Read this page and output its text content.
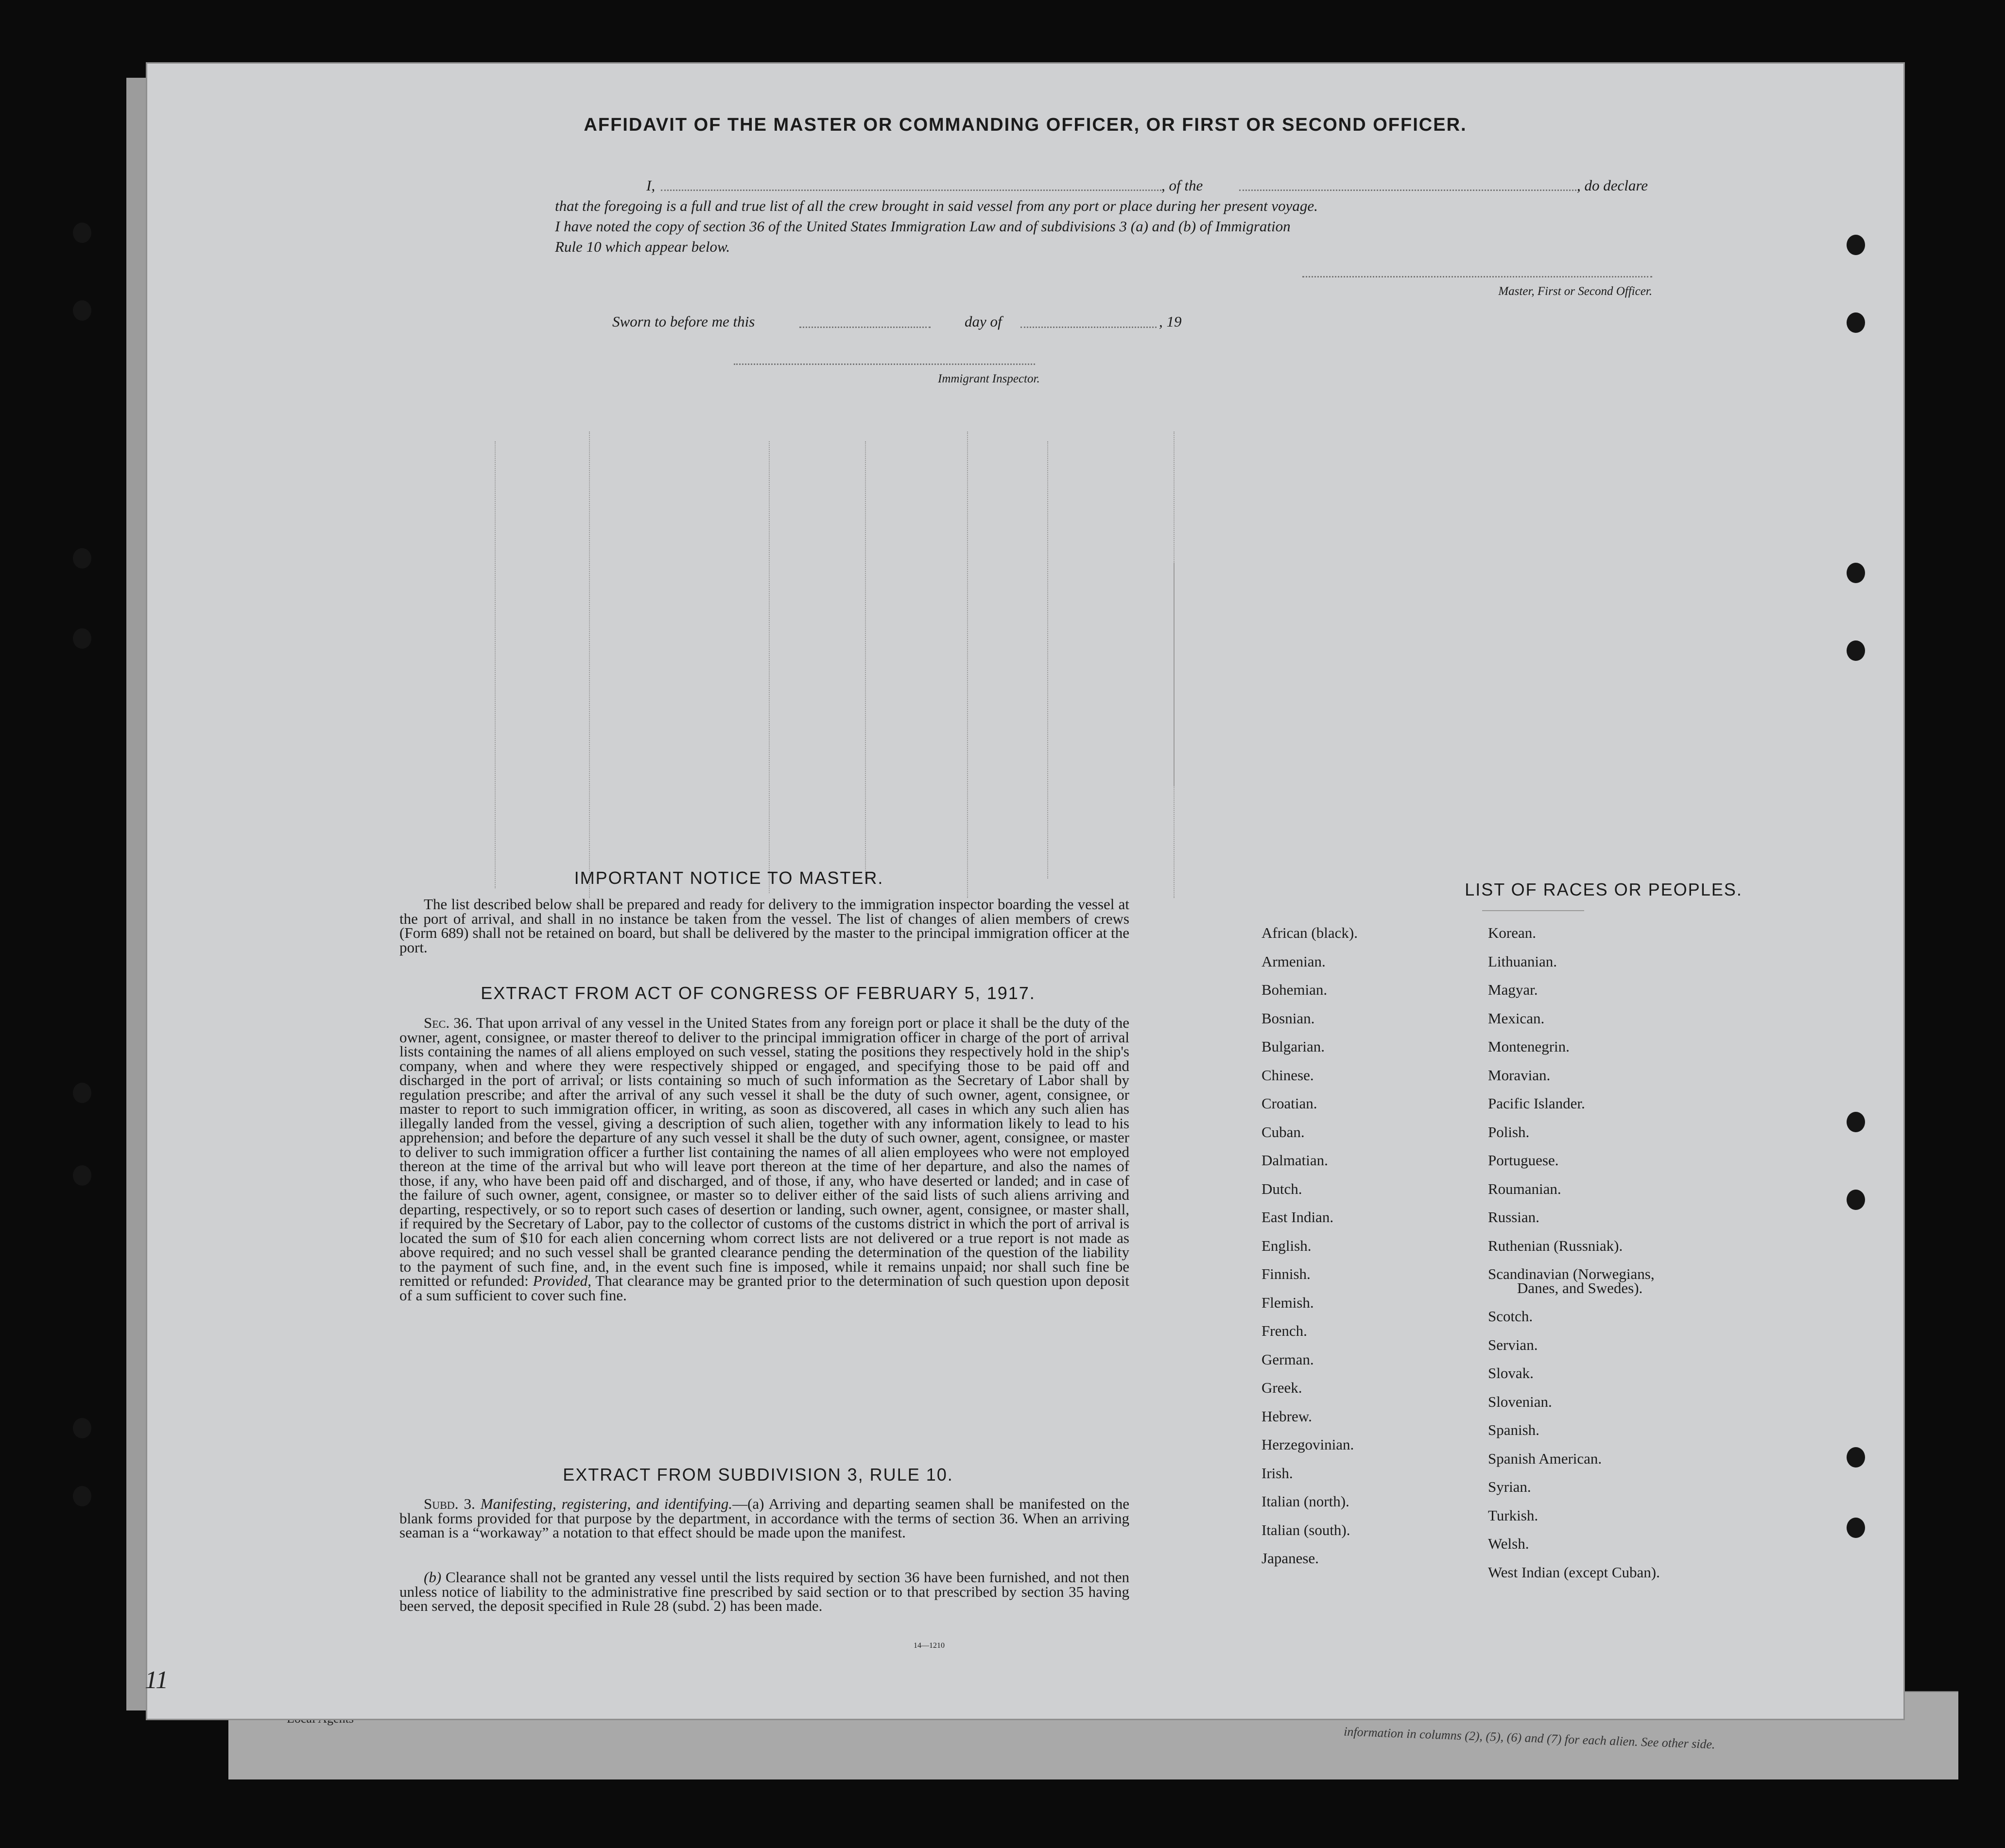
information in columns (2), (5), (6) and (7) for each alien. See other side.
AFFIDAVIT OF THE MASTER OR COMMANDING OFFICER, OR FIRST OR SECOND OFFICER.
I,	, of the	, do declare
that the foregoing is a full and true list of all the crew brought in said vessel from any port or place during her present voyage.
I have noted the copy of section 36 of the United States Immigration Law and of subdivisions 3 (a) and (b) of Immigration
Rule 10 which appear below.
Master, First or Second Officer.
Sworn to before me this	day of	, 19
Immigrant Inspector.
IMPORTANT NOTICE TO MASTER.
The list described below shall be prepared and ready for delivery to the immigration inspector boarding the vessel at the port of arrival, and shall in no instance be taken from the vessel. The list of changes of alien members of crews (Form 689) shall not be retained on board, but shall be delivered by the master to the principal immigration officer at the port.
EXTRACT FROM ACT OF CONGRESS OF FEBRUARY 5, 1917.
Sec. 36. That upon arrival of any vessel in the United States from any foreign port or place it shall be the duty of the owner, agent, consignee, or master thereof to deliver to the principal immigration officer in charge of the port of arrival lists containing the names of all aliens employed on such vessel, stating the positions they respectively hold in the ship's company, when and where they were respectively shipped or engaged, and specifying those to be paid off and discharged in the port of arrival; or lists containing so much of such information as the Secretary of Labor shall by regulation prescribe; and after the arrival of any such vessel it shall be the duty of such owner, agent, consignee, or master to report to such immigration officer, in writing, as soon as discovered, all cases in which any such alien has illegally landed from the vessel, giving a description of such alien, together with any information likely to lead to his apprehension; and before the departure of any such vessel it shall be the duty of such owner, agent, consignee, or master to deliver to such immigration officer a further list containing the names of all alien employees who were not employed thereon at the time of the arrival but who will leave port thereon at the time of her departure, and also the names of those, if any, who have been paid off and discharged, and of those, if any, who have deserted or landed; and in case of the failure of such owner, agent, consignee, or master so to deliver either of the said lists of such aliens arriving and departing, respectively, or so to report such cases of desertion or landing, such owner, agent, consignee, or master shall, if required by the Secretary of Labor, pay to the collector of customs of the customs district in which the port of arrival is located the sum of $10 for each alien concerning whom correct lists are not delivered or a true report is not made as above required; and no such vessel shall be granted clearance pending the determination of the question of the liability to the payment of such fine, and, in the event such fine is imposed, while it remains unpaid; nor shall such fine be remitted or refunded: Provided, That clearance may be granted prior to the determination of such question upon deposit of a sum sufficient to cover such fine.
EXTRACT FROM SUBDIVISION 3, RULE 10.
Subd. 3. Manifesting, registering, and identifying.—(a) Arriving and departing seamen shall be manifested on the blank forms provided for that purpose by the department, in accordance with the terms of section 36. When an arriving seaman is a “workaway” a notation to that effect should be made upon the manifest.
(b) Clearance shall not be granted any vessel until the lists required by section 36 have been furnished, and not then unless notice of liability to the administrative fine prescribed by said section or to that prescribed by section 35 having been served, the deposit specified in Rule 28 (subd. 2) has been made.
14—1210
LIST OF RACES OR PEOPLES.
African (black).
Armenian.
Bohemian.
Bosnian.
Bulgarian.
Chinese.
Croatian.
Cuban.
Dalmatian.
Dutch.
East Indian.
English.
Finnish.
Flemish.
French.
German.
Greek.
Hebrew.
Herzegovinian.
Irish.
Italian (north).
Italian (south).
Japanese.
Korean.
Lithuanian.
Magyar.
Mexican.
Montenegrin.
Moravian.
Pacific Islander.
Polish.
Portuguese.
Roumanian.
Russian.
Ruthenian (Russniak).
Scandinavian (Norwegians,
Danes, and Swedes).
Scotch.
Servian.
Slovak.
Slovenian.
Spanish.
Spanish American.
Syrian.
Turkish.
Welsh.
West Indian (except Cuban).
11
